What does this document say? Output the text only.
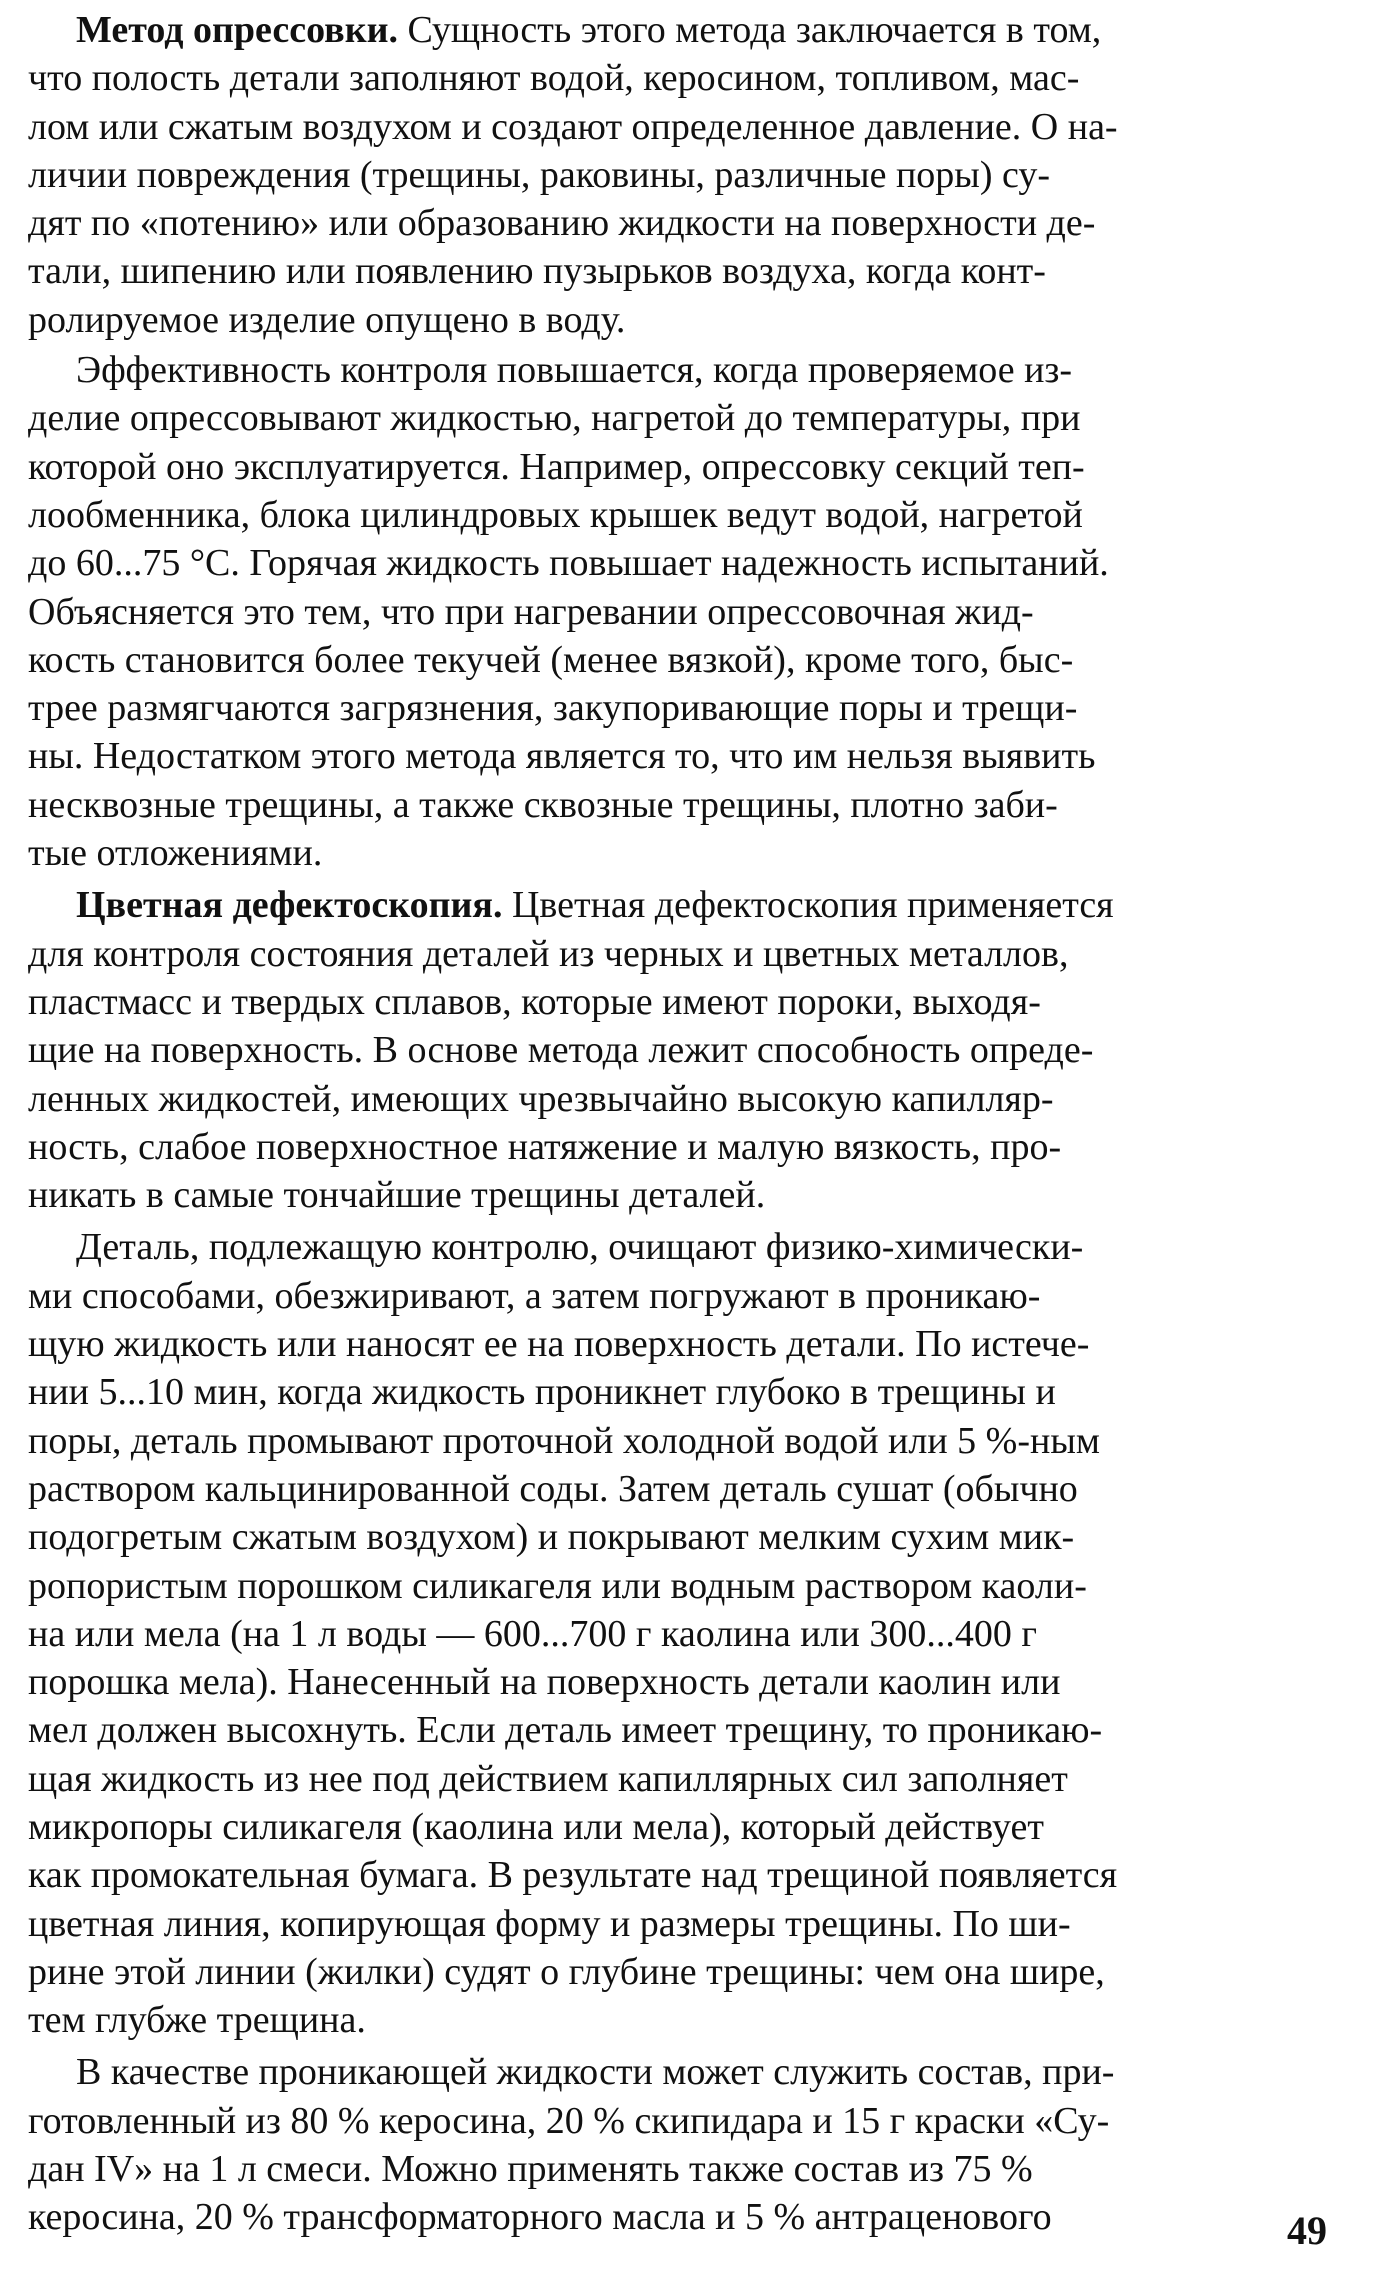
Метод опрессовки. Сущность этого метода заключается в том,
что полость детали заполняют водой, керосином, топливом, мас-
лом или сжатым воздухом и создают определенное давление. О на-
личии повреждения (трещины, раковины, различные поры) су-
дят по «потению» или образованию жидкости на поверхности де-
тали, шипению или появлению пузырьков воздуха, когда конт-
ролируемое изделие опущено в воду.
Эффективность контроля повышается, когда проверяемое из-
делие опрессовывают жидкостью, нагретой до температуры, при
которой оно эксплуатируется. Например, опрессовку секций теп-
лообменника, блока цилиндровых крышек ведут водой, нагретой
до 60...75 °С. Горячая жидкость повышает надежность испытаний.
Объясняется это тем, что при нагревании опрессовочная жид-
кость становится более текучей (менее вязкой), кроме того, быс-
трее размягчаются загрязнения, закупоривающие поры и трещи-
ны. Недостатком этого метода является то, что им нельзя выявить
несквозные трещины, а также сквозные трещины, плотно заби-
тые отложениями.
Цветная дефектоскопия. Цветная дефектоскопия применяется
для контроля состояния деталей из черных и цветных металлов,
пластмасс и твердых сплавов, которые имеют пороки, выходя-
щие на поверхность. В основе метода лежит способность опреде-
ленных жидкостей, имеющих чрезвычайно высокую капилляр-
ность, слабое поверхностное натяжение и малую вязкость, про-
никать в самые тончайшие трещины деталей.
Деталь, подлежащую контролю, очищают физико-химически-
ми способами, обезжиривают, а затем погружают в проникаю-
щую жидкость или наносят ее на поверхность детали. По истече-
нии 5...10 мин, когда жидкость проникнет глубоко в трещины и
поры, деталь промывают проточной холодной водой или 5 %-ным
раствором кальцинированной соды. Затем деталь сушат (обычно
подогретым сжатым воздухом) и покрывают мелким сухим мик-
ропористым порошком силикагеля или водным раствором каоли-
на или мела (на 1 л воды — 600...700 г каолина или 300...400 г
порошка мела). Нанесенный на поверхность детали каолин или
мел должен высохнуть. Если деталь имеет трещину, то проникаю-
щая жидкость из нее под действием капиллярных сил заполняет
микропоры силикагеля (каолина или мела), который действует
как промокательная бумага. В результате над трещиной появляется
цветная линия, копирующая форму и размеры трещины. По ши-
рине этой линии (жилки) судят о глубине трещины: чем она шире,
тем глубже трещина.
В качестве проникающей жидкости может служить состав, при-
готовленный из 80 % керосина, 20 % скипидара и 15 г краски «Су-
дан IV» на 1 л смеси. Можно применять также состав из 75 %
керосина, 20 % трансформаторного масла и 5 % антраценового	49
